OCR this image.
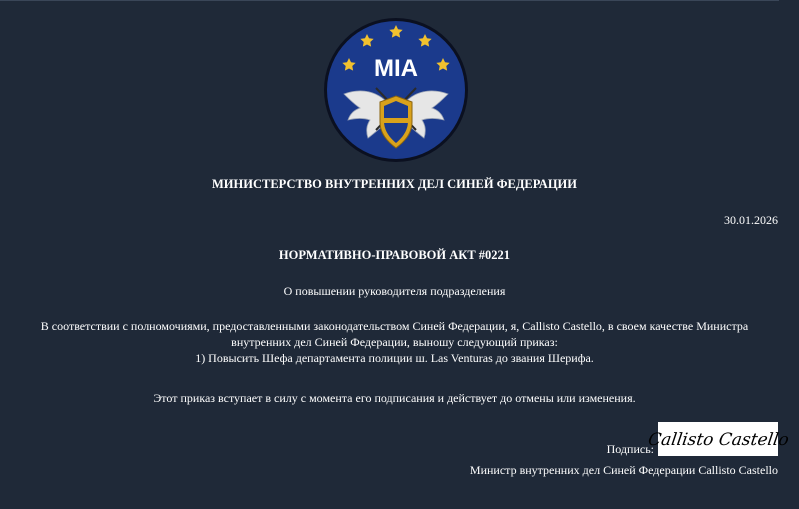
MIA
МИНИСТЕРСТВО ВНУТРЕННИХ ДЕЛ СИНЕЙ ФЕДЕРАЦИИ
30.01.2026
НОРМАТИВНО-ПРАВОВОЙ АКТ #0221
О повышении руководителя подразделения
В соответствии с полномочиями, предоставленными законодательством Синей Федерации, я, Callisto Castello, в своем качестве Министра
внутренних дел Синей Федерации, выношу следующий приказ:
1) Повысить Шефа департамента полиции ш. Las Venturas до звания Шерифа.
Этот приказ вступает в силу с момента его подписания и действует до отмены или изменения.
Подпись:
Callisto Castello
Министр внутренних дел Синей Федерации Callisto Castello
